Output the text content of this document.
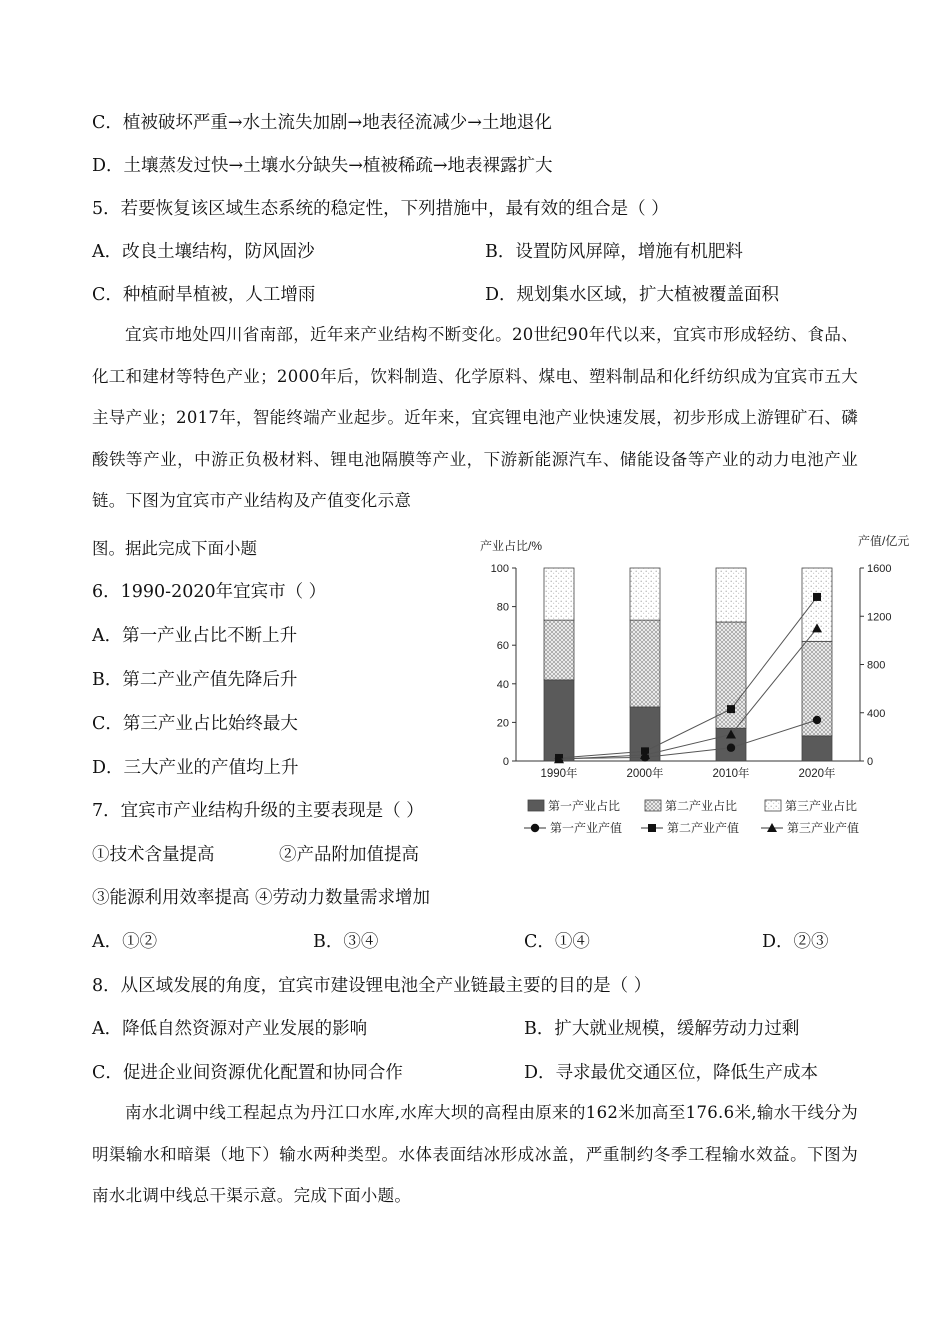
C．植被破坏严重→水土流失加剧→地表径流减少→土地退化
D．土壤蒸发过快→土壤水分缺失→植被稀疏→地表裸露扩大
5．若要恢复该区域生态系统的稳定性，下列措施中，最有效的组合是（ ）
A．改良土壤结构，防风固沙	B．设置防风屏障，增施有机肥料
C．种植耐旱植被，人工增雨	D．规划集水区域，扩大植被覆盖面积
宜宾市地处四川省南部，近年来产业结构不断变化。20世纪90年代以来，宜宾市形成轻纺、食品、化工和建材等特色产业；2000年后，饮料制造、化学原料、煤电、塑料制品和化纤纺织成为宜宾市五大主导产业；2017年，智能终端产业起步。近年来，宜宾锂电池产业快速发展，初步形成上游锂矿石、磷酸铁等产业，中游正负极材料、锂电池隔膜等产业，下游新能源汽车、储能设备等产业的动力电池产业链。下图为宜宾市产业结构及产值变化示意
图。据此完成下面小题
6．1990-2020年宜宾市（ ）
A．第一产业占比不断上升
B．第二产业产值先降后升
C．第三产业占比始终最大
D．三大产业的产值均上升
7．宜宾市产业结构升级的主要表现是（ ）
①技术含量提高	②产品附加值提高
③能源利用效率提高 ④劳动力数量需求增加
A．①②	B．③④	C．①④	D．②③
8．从区域发展的角度，宜宾市建设锂电池全产业链最主要的目的是（ ）
A．降低自然资源对产业发展的影响	B．扩大就业规模，缓解劳动力过剩
C．促进企业间资源优化配置和协同合作	D．寻求最优交通区位，降低生产成本
南水北调中线工程起点为丹江口水库,水库大坝的高程由原来的162米加高至176.6米,输水干线分为明渠输水和暗渠（地下）输水两种类型。水体表面结冰形成冰盖，严重制约冬季工程输水效益。下图为南水北调中线总干渠示意。完成下面小题。
产业占比/%	产值/亿元
0
20
40
60
80
100
0
400
800
1200
1600
1990年	2000年	2010年	2020年
第一产业占比	第二产业占比	第三产业占比
第一产业产值	第二产业产值	第三产业产值
